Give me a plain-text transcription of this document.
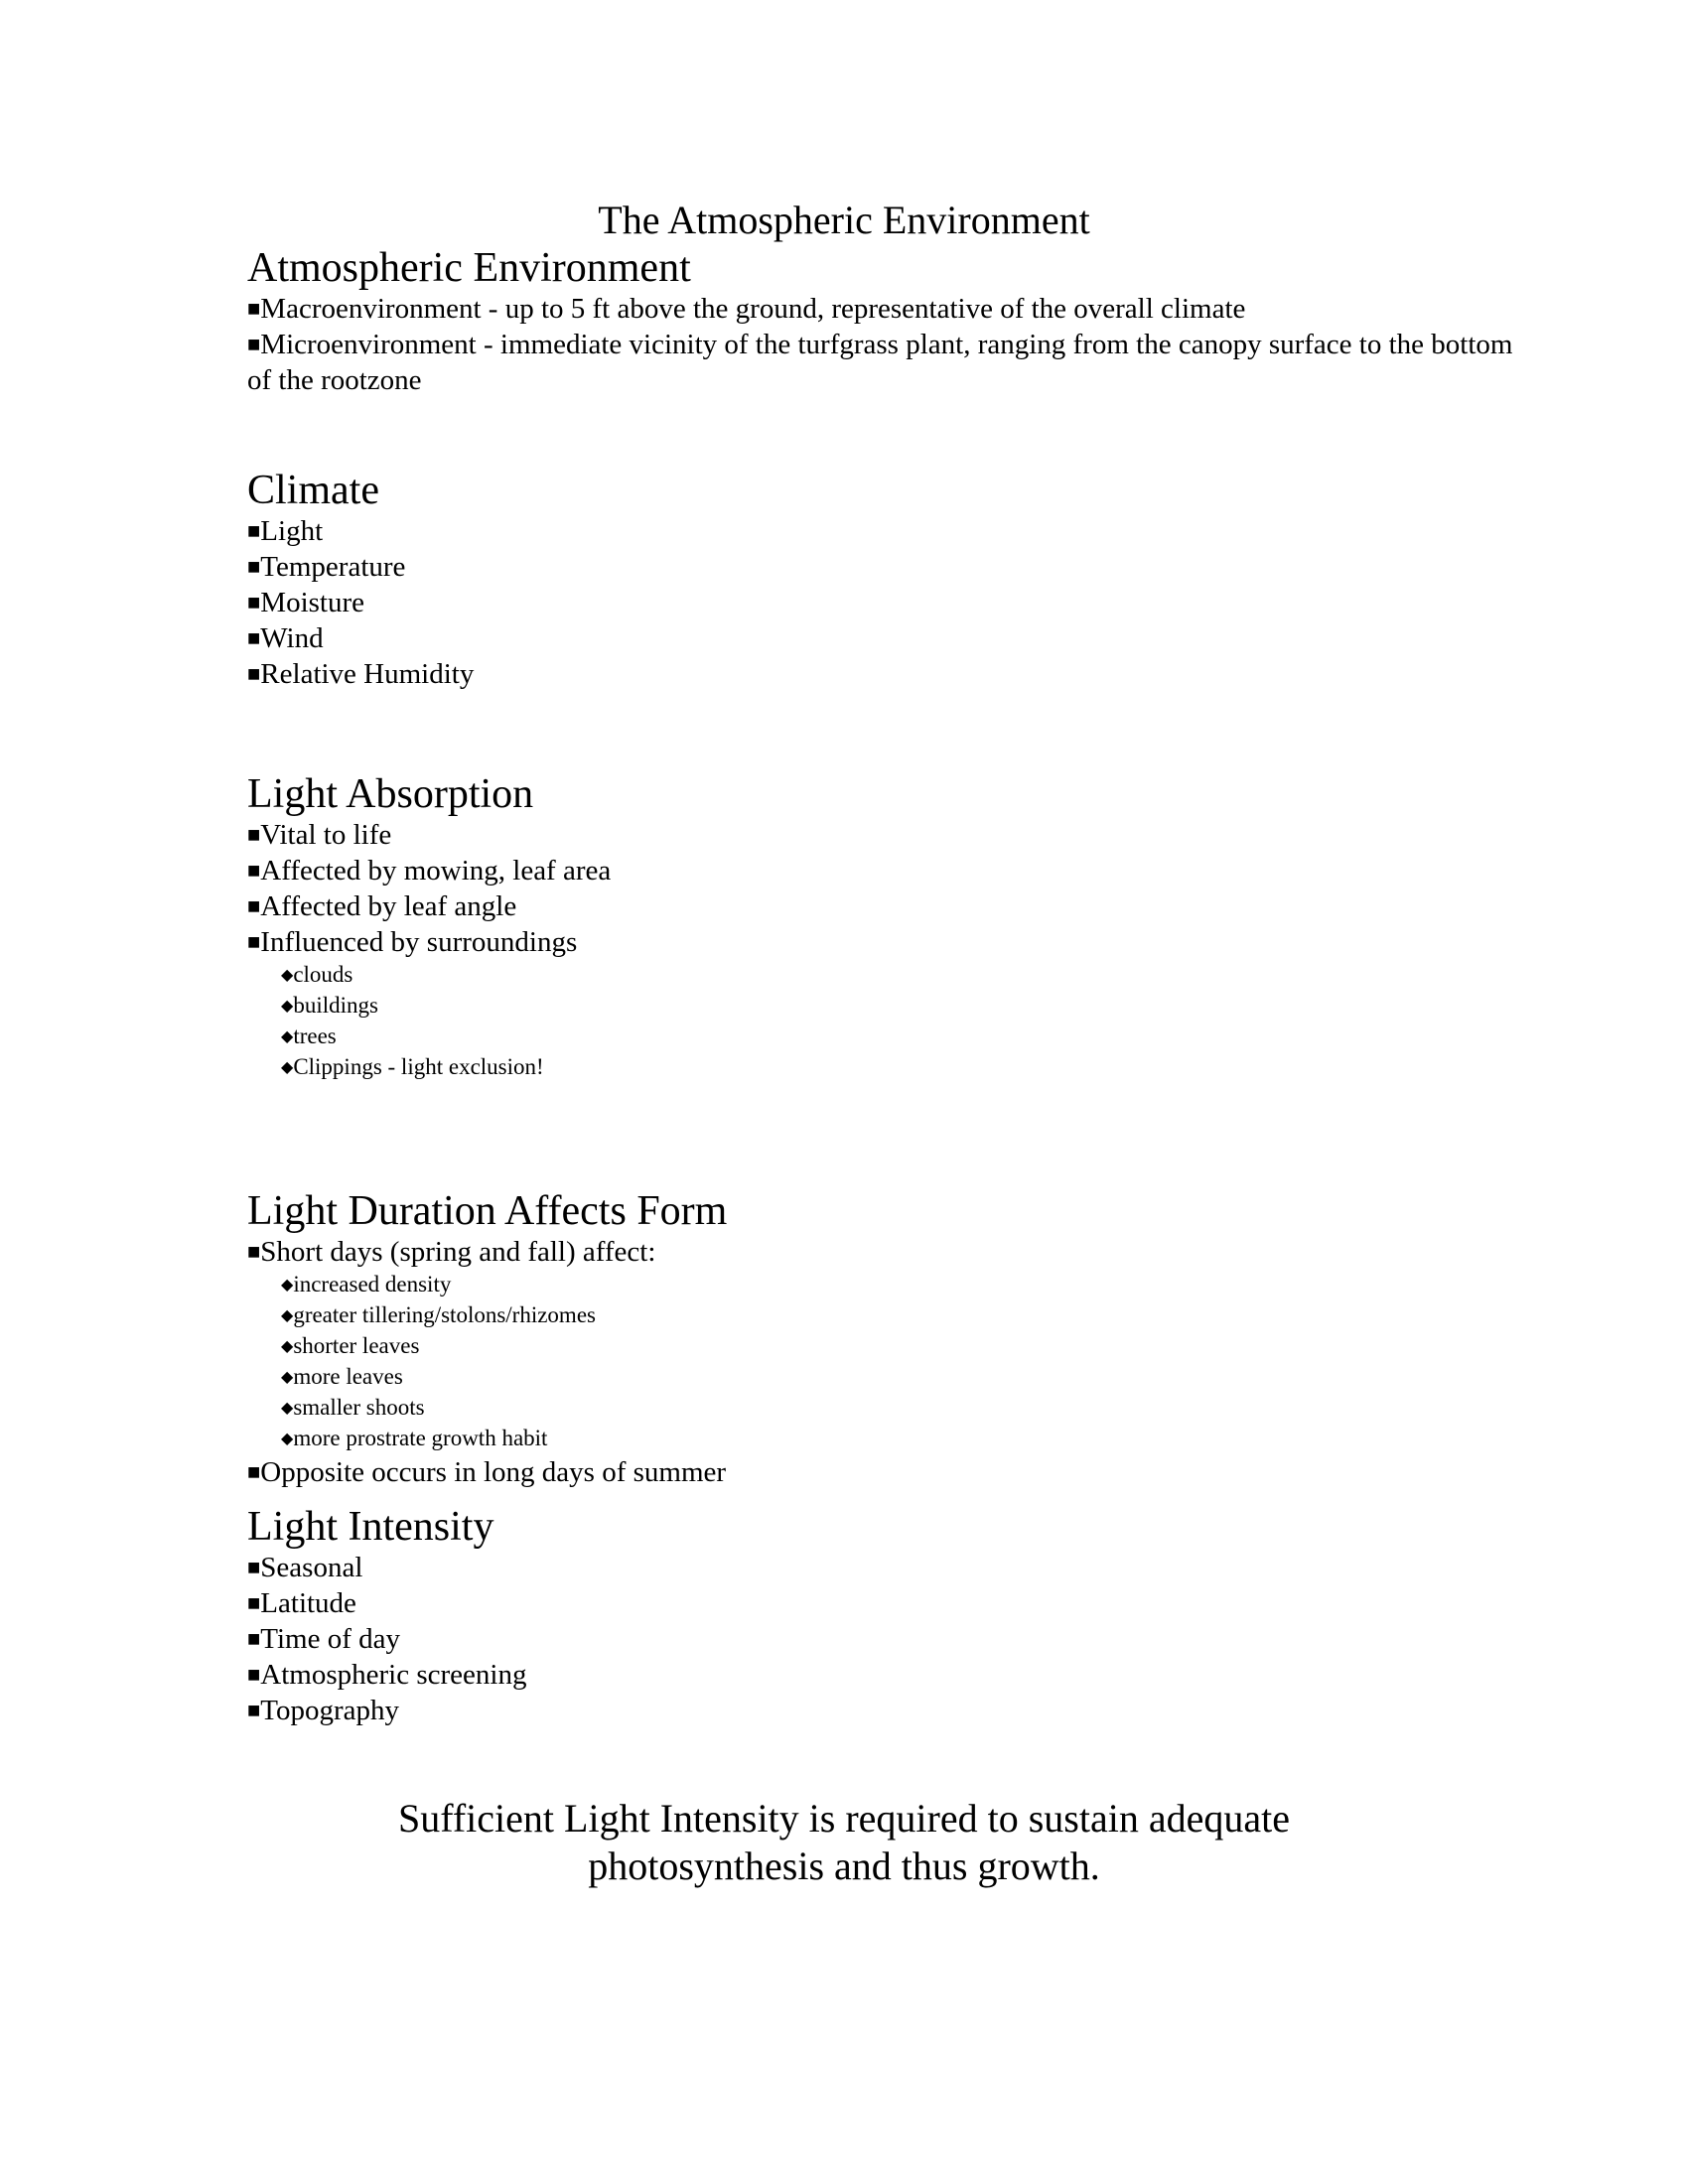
The Atmospheric Environment
Atmospheric Environment

■Macroenvironment - up to 5 ft above the ground, representative of the overall climate

■Microenvironment - immediate vicinity of the turfgrass plant, ranging from the canopy surface to the bottom of the rootzone

Climate

■Light

■Temperature

■Moisture

■Wind

■Relative Humidity

Light Absorption

■Vital to life

■Affected by mowing, leaf area

■Affected by leaf angle

■Influenced by surroundings

◆clouds

◆buildings

◆trees

◆Clippings - light exclusion!

Light Duration Affects Form

■Short days (spring and fall) affect:

◆increased density

◆greater tillering/stolons/rhizomes

◆shorter leaves

◆more leaves

◆smaller shoots

◆more prostrate growth habit

■Opposite occurs in long days of summer

Light Intensity

■Seasonal

■Latitude

■Time of day

■Atmospheric screening

■Topography

Sufficient Light Intensity is required to sustain adequate
photosynthesis and thus growth.
